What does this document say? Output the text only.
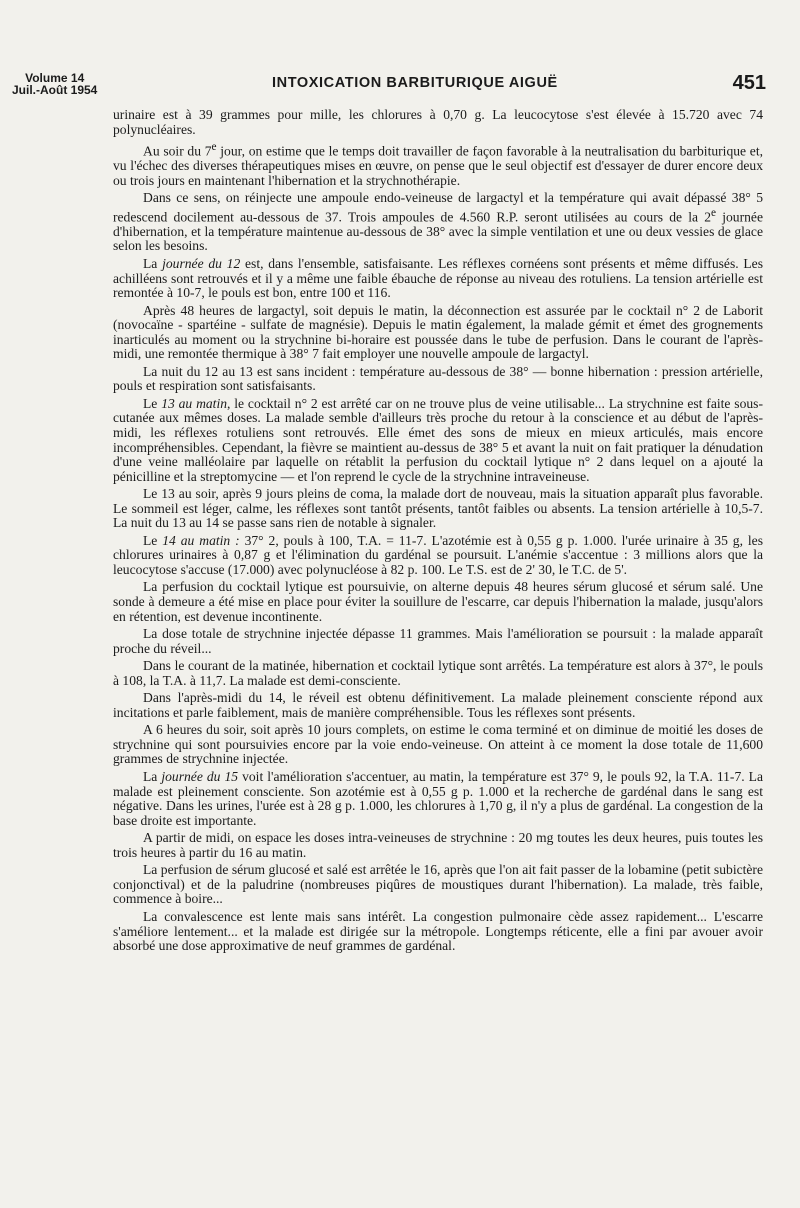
Volume 14
Juil.-Août 1954	INTOXICATION BARBITURIQUE AIGUË	451

urinaire est à 39 grammes pour mille, les chlorures à 0,70 g. La leucocytose s'est élevée à 15.720 avec 74 polynucléaires.

Au soir du 7e jour, on estime que le temps doit travailler de façon favorable à la neutralisation du barbiturique et, vu l'échec des diverses thérapeutiques mises en œuvre, on pense que le seul objectif est d'essayer de durer encore deux ou trois jours en maintenant l'hibernation et la strychnothérapie.

Dans ce sens, on réinjecte une ampoule endo-veineuse de largactyl et la température qui avait dépassé 38° 5 redescend docilement au-dessous de 37. Trois ampoules de 4.560 R.P. seront utilisées au cours de la 2e journée d'hibernation, et la température maintenue au-dessous de 38° avec la simple ventilation et une ou deux vessies de glace selon les besoins.

La journée du 12 est, dans l'ensemble, satisfaisante. Les réflexes cornéens sont présents et même diffusés. Les achilléens sont retrouvés et il y a même une faible ébauche de réponse au niveau des rotuliens. La tension artérielle est remontée à 10-7, le pouls est bon, entre 100 et 116.

Après 48 heures de largactyl, soit depuis le matin, la déconnection est assurée par le cocktail n° 2 de Laborit (novocaïne - spartéine - sulfate de magnésie). Depuis le matin également, la malade gémit et émet des grognements inarticulés au moment ou la strychnine bi-horaire est poussée dans le tube de perfusion. Dans le courant de l'après-midi, une remontée thermique à 38° 7 fait employer une nouvelle ampoule de largactyl.

La nuit du 12 au 13 est sans incident : température au-dessous de 38° — bonne hibernation : pression artérielle, pouls et respiration sont satisfaisants.

Le 13 au matin, le cocktail n° 2 est arrêté car on ne trouve plus de veine utilisable... La strychnine est faite sous-cutanée aux mêmes doses. La malade semble d'ailleurs très proche du retour à la conscience et au début de l'après-midi, les réflexes rotuliens sont retrouvés. Elle émet des sons de mieux en mieux articulés, mais encore incompréhensibles. Cependant, la fièvre se maintient au-dessus de 38° 5 et avant la nuit on fait pratiquer la dénudation d'une veine malléolaire par laquelle on rétablit la perfusion du cocktail lytique n° 2 dans lequel on a ajouté la pénicilline et la streptomycine — et l'on reprend le cycle de la strychnine intraveineuse.

Le 13 au soir, après 9 jours pleins de coma, la malade dort de nouveau, mais la situation apparaît plus favorable. Le sommeil est léger, calme, les réflexes sont tantôt présents, tantôt faibles ou absents. La tension artérielle à 10,5-7. La nuit du 13 au 14 se passe sans rien de notable à signaler.

Le 14 au matin : 37° 2, pouls à 100, T.A. = 11-7. L'azotémie est à 0,55 g p. 1.000. l'urée urinaire à 35 g, les chlorures urinaires à 0,87 g et l'élimination du gardénal se poursuit. L'anémie s'accentue : 3 millions alors que la leucocytose s'accuse (17.000) avec polynucléose à 82 p. 100. Le T.S. est de 2' 30, le T.C. de 5'.

La perfusion du cocktail lytique est poursuivie, on alterne depuis 48 heures sérum glucosé et sérum salé. Une sonde à demeure a été mise en place pour éviter la souillure de l'escarre, car depuis l'hibernation la malade, jusqu'alors en rétention, est devenue incontinente.

La dose totale de strychnine injectée dépasse 11 grammes. Mais l'amélioration se poursuit : la malade apparaît proche du réveil...

Dans le courant de la matinée, hibernation et cocktail lytique sont arrêtés. La température est alors à 37°, le pouls à 108, la T.A. à 11,7. La malade est demi-consciente.

Dans l'après-midi du 14, le réveil est obtenu définitivement. La malade pleinement consciente répond aux incitations et parle faiblement, mais de manière compréhensible. Tous les réflexes sont présents.

A 6 heures du soir, soit après 10 jours complets, on estime le coma terminé et on diminue de moitié les doses de strychnine qui sont poursuivies encore par la voie endo-veineuse. On atteint à ce moment la dose totale de 11,600 grammes de strychnine injectée.

La journée du 15 voit l'amélioration s'accentuer, au matin, la température est 37° 9, le pouls 92, la T.A. 11-7. La malade est pleinement consciente. Son azotémie est à 0,55 g p. 1.000 et la recherche de gardénal dans le sang est négative. Dans les urines, l'urée est à 28 g p. 1.000, les chlorures à 1,70 g, il n'y a plus de gardénal. La congestion de la base droite est importante.

A partir de midi, on espace les doses intra-veineuses de strychnine : 20 mg toutes les deux heures, puis toutes les trois heures à partir du 16 au matin.

La perfusion de sérum glucosé et salé est arrêtée le 16, après que l'on ait fait passer de la lobamine (petit subictère conjonctival) et de la paludrine (nombreuses piqûres de moustiques durant l'hibernation). La malade, très faible, commence à boire...

La convalescence est lente mais sans intérêt. La congestion pulmonaire cède assez rapidement... L'escarre s'améliore lentement... et la malade est dirigée sur la métropole. Longtemps réticente, elle a fini par avouer avoir absorbé une dose approximative de neuf grammes de gardénal.
